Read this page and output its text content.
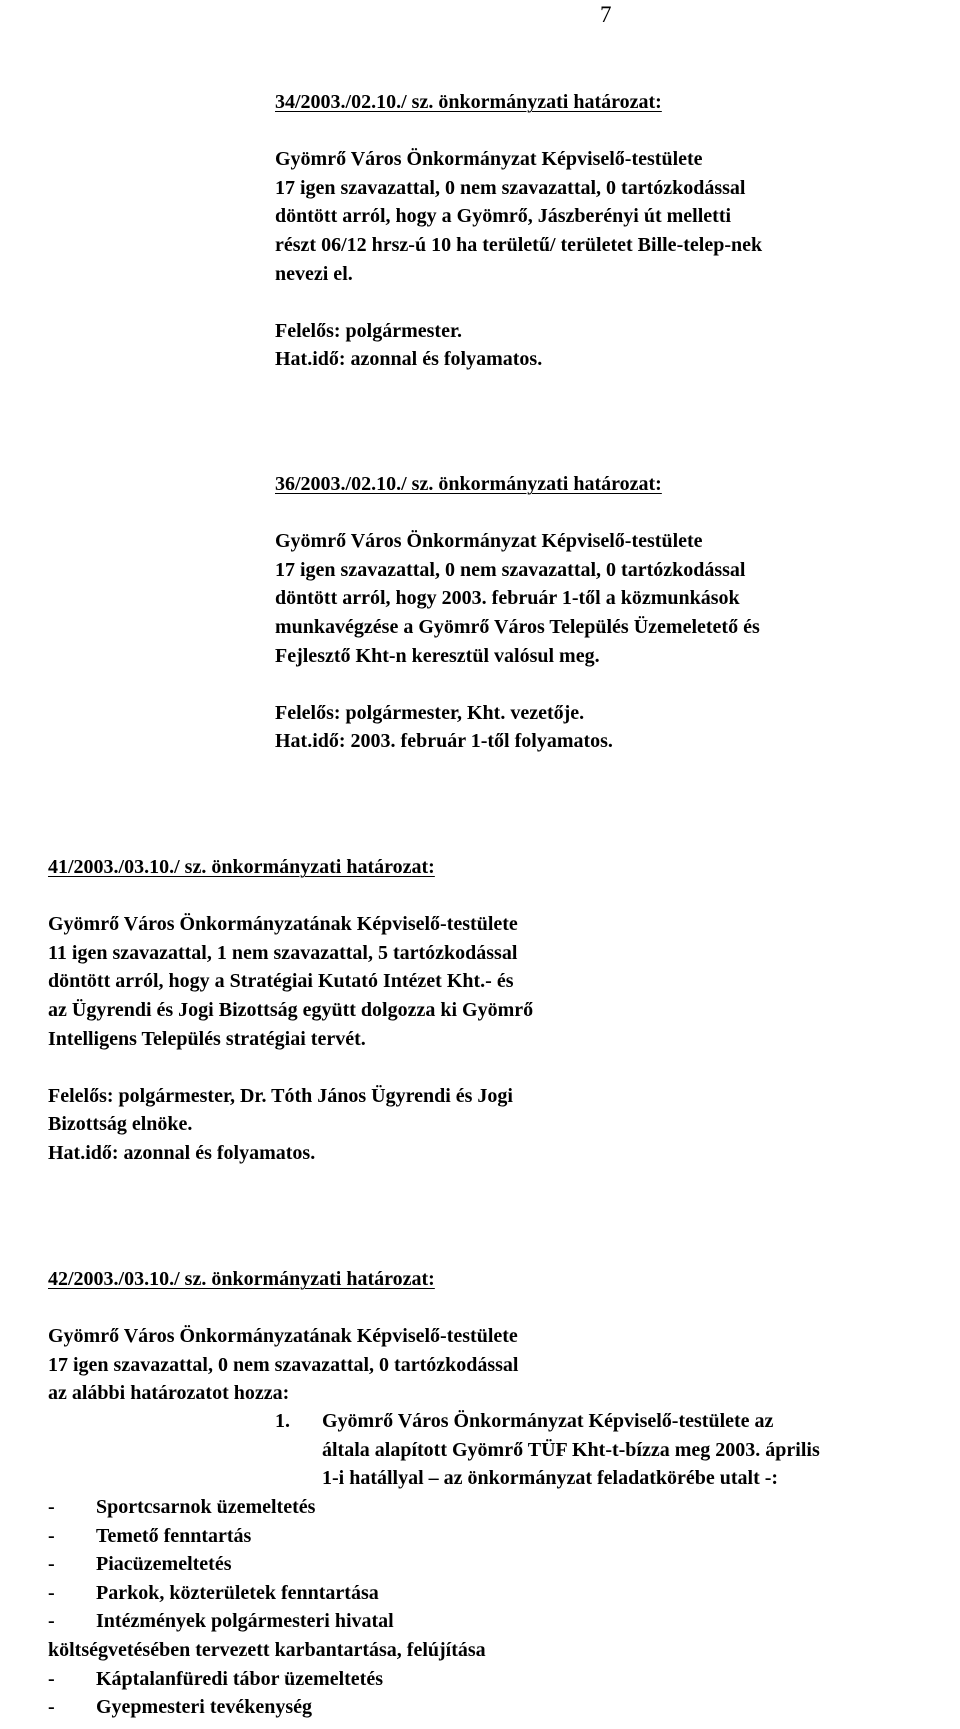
7
34/2003./02.10./ sz. önkormányzati határozat:
Gyömrő Város Önkormányzat Képviselő-testülete
17 igen szavazattal, 0 nem szavazattal, 0 tartózkodással
döntött arról, hogy a Gyömrő, Jászberényi út melletti
részt 06/12 hrsz-ú 10 ha területű/ területet Bille-telep-nek
nevezi el.
Felelős: polgármester.
Hat.idő: azonnal és folyamatos.
36/2003./02.10./ sz. önkormányzati határozat:
Gyömrő Város Önkormányzat Képviselő-testülete
17 igen szavazattal, 0 nem szavazattal, 0 tartózkodással
döntött arról, hogy 2003. február 1-től a közmunkások
munkavégzése a Gyömrő Város Település Üzemeletető és
Fejlesztő Kht-n keresztül valósul meg.
Felelős: polgármester, Kht. vezetője.
Hat.idő: 2003. február 1-től folyamatos.
41/2003./03.10./ sz. önkormányzati határozat:
Gyömrő Város Önkormányzatának Képviselő-testülete
11 igen szavazattal, 1 nem szavazattal, 5 tartózkodással
döntött arról, hogy a Stratégiai Kutató Intézet Kht.- és
az Ügyrendi és Jogi Bizottság együtt dolgozza ki Gyömrő
Intelligens Település stratégiai tervét.
Felelős: polgármester, Dr. Tóth János Ügyrendi és Jogi
Bizottság elnöke.
Hat.idő: azonnal és folyamatos.
42/2003./03.10./ sz. önkormányzati határozat:
Gyömrő Város Önkormányzatának Képviselő-testülete
17 igen szavazattal, 0 nem szavazattal, 0 tartózkodással
az alábbi határozatot hozza:
1. Gyömrő Város Önkormányzat Képviselő-testülete az
általa alapított Gyömrő TÜF Kht-t-bízza meg 2003. április
1-i hatállyal – az önkormányzat feladatkörébe utalt -:
- Sportcsarnok üzemeltetés
- Temető fenntartás
- Piacüzemeltetés
- Parkok, közterületek fenntartása
- Intézmények polgármesteri hivatal
költségvetésében tervezett karbantartása, felújítása
- Káptalanfüredi tábor üzemeltetés
- Gyepmesteri tevékenység
